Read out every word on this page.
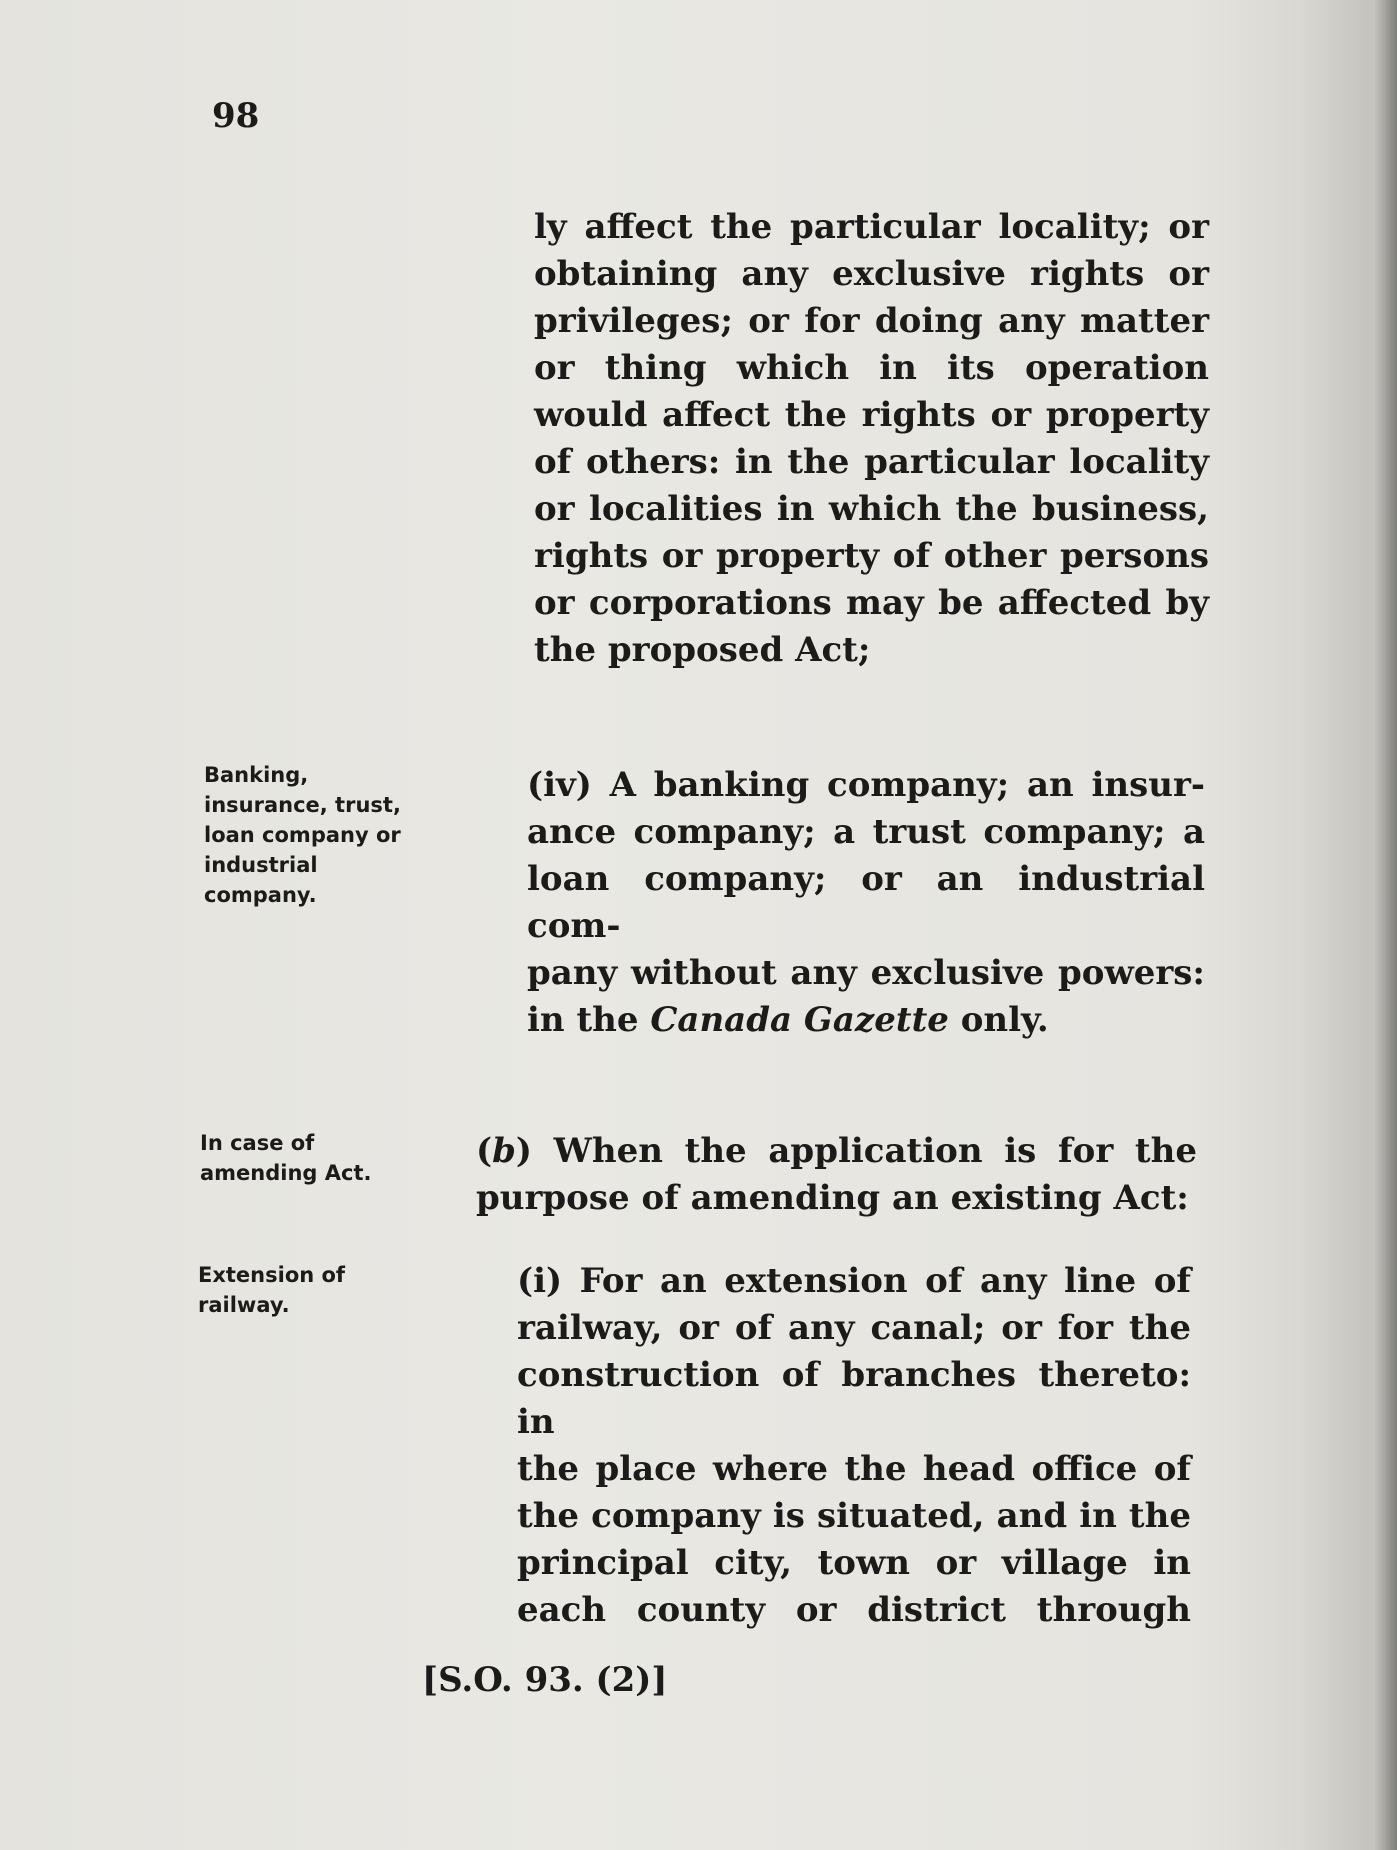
98
ly affect the particular locality; or
obtaining any exclusive rights or
privileges; or for doing any matter
or thing which in its operation
would affect the rights or property
of others: in the particular locality
or localities in which the business,
rights or property of other persons
or corporations may be affected by
the proposed Act;
Banking,
insurance, trust,
loan company or
industrial
company.
(iv) A banking company; an insur-
ance company; a trust company; a
loan company; or an industrial com-
pany without any exclusive powers:
in the Canada Gazette only.
In case of
amending Act.
(b) When the application is for the
purpose of amending an existing Act:
Extension of
railway.
(i) For an extension of any line of
railway, or of any canal; or for the
construction of branches thereto: in
the place where the head office of
the company is situated, and in the
principal city, town or village in
each county or district through
[S.O. 93. (2)]
